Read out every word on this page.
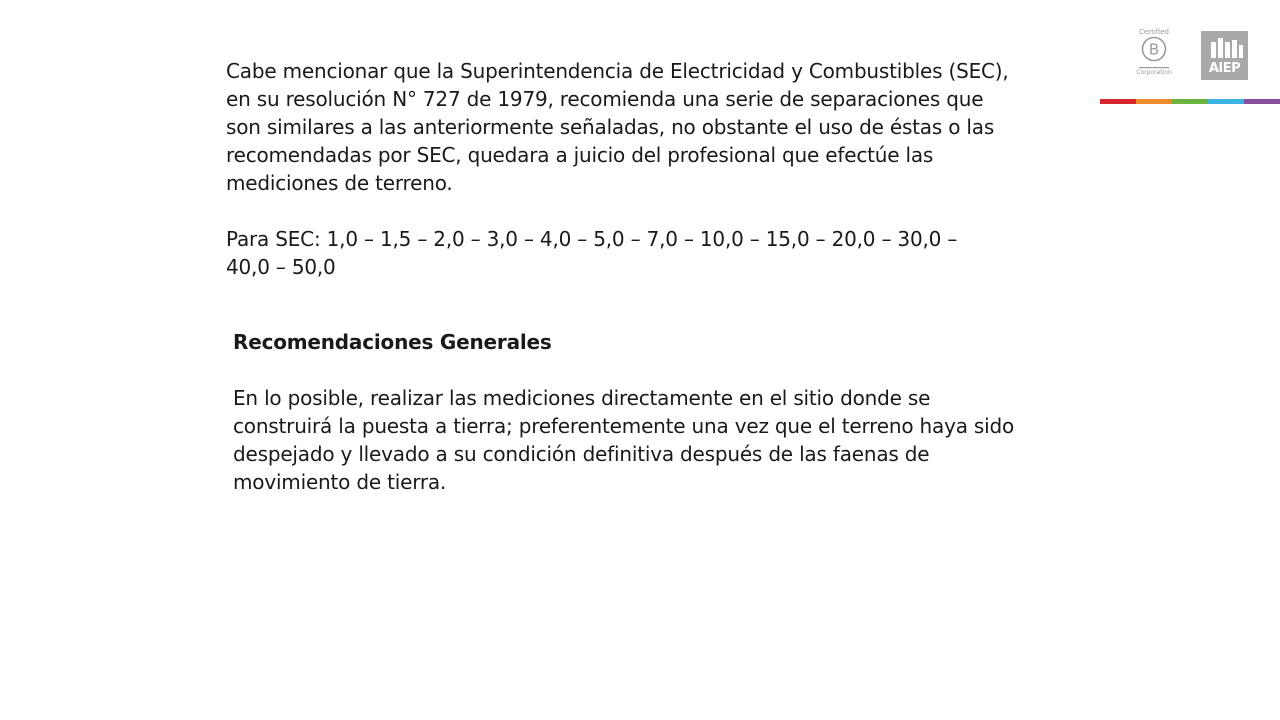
Certified
B
Corporation	AIEP

Cabe mencionar que la Superintendencia de Electricidad y Combustibles (SEC),

en su resolución N° 727 de 1979, recomienda una serie de separaciones que

son similares a las anteriormente señaladas, no obstante el uso de éstas o las

recomendadas por SEC, quedara a juicio del profesional que efectúe las

mediciones de terreno.

Para SEC: 1,0 – 1,5 – 2,0 – 3,0 – 4,0 – 5,0 – 7,0 – 10,0 – 15,0 – 20,0 – 30,0 –

40,0 – 50,0

Recomendaciones Generales

En lo posible, realizar las mediciones directamente en el sitio donde se

construirá la puesta a tierra; preferentemente una vez que el terreno haya sido

despejado y llevado a su condición definitiva después de las faenas de

movimiento de tierra.
